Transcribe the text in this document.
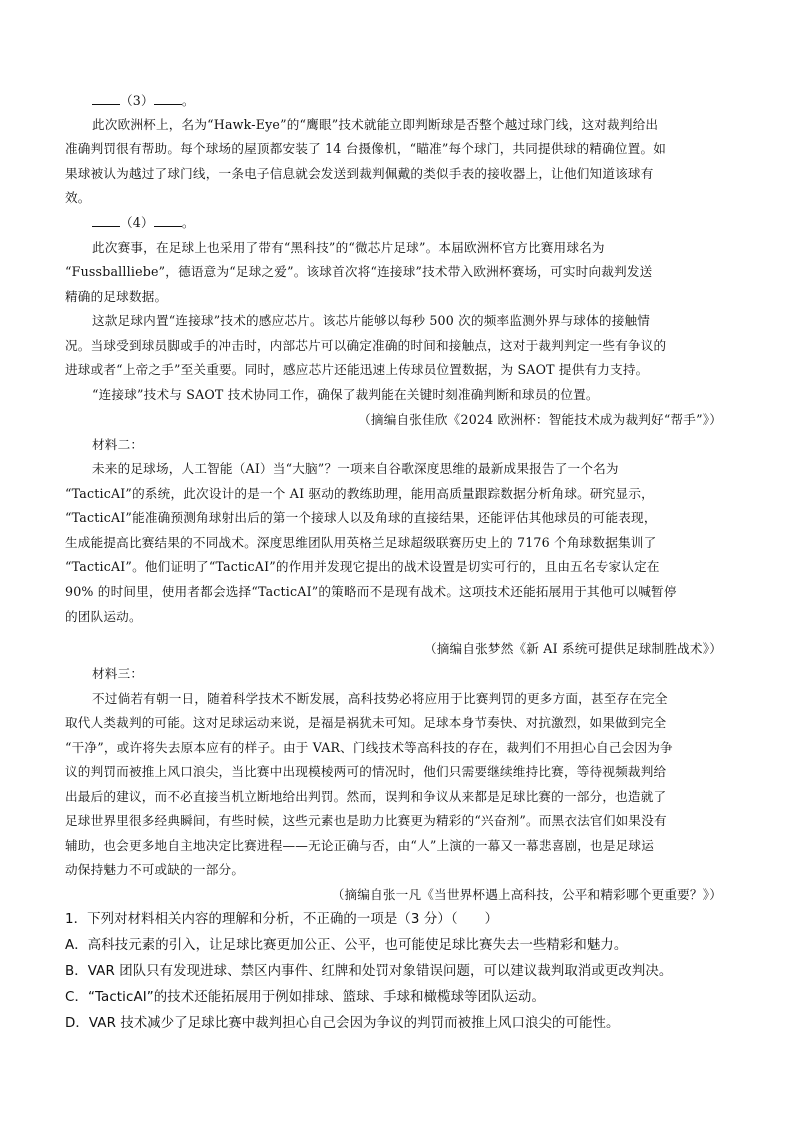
（3） 。
此次欧洲杯上，名为“Hawk-Eye”的“鹰眼”技术就能立即判断球是否整个越过球门线，这对裁判给出
准确判罚很有帮助。每个球场的屋顶都安装了 14 台摄像机，“瞄准”每个球门，共同提供球的精确位置。如
果球被认为越过了球门线，一条电子信息就会发送到裁判佩戴的类似手表的接收器上，让他们知道该球有
效。
（4） 。
此次赛事，在足球上也采用了带有“黑科技”的“微芯片足球”。本届欧洲杯官方比赛用球名为
“Fussballliebe”，德语意为“足球之爱”。该球首次将“连接球”技术带入欧洲杯赛场，可实时向裁判发送
精确的足球数据。
这款足球内置“连接球”技术的感应芯片。该芯片能够以每秒 500 次的频率监测外界与球体的接触情
况。当球受到球员脚或手的冲击时，内部芯片可以确定准确的时间和接触点，这对于裁判判定一些有争议的
进球或者“上帝之手”至关重要。同时，感应芯片还能迅速上传球员位置数据，为 SAOT 提供有力支持。
“连接球”技术与 SAOT 技术协同工作，确保了裁判能在关键时刻准确判断和球员的位置。
（摘编自张佳欣《2024 欧洲杯：智能技术成为裁判好“帮手”》）
材料二：
未来的足球场，人工智能（AI）当“大脑”？一项来自谷歌深度思维的最新成果报告了一个名为
“TacticAI”的系统，此次设计的是一个 AI 驱动的教练助理，能用高质量跟踪数据分析角球。研究显示，
“TacticAI”能准确预测角球射出后的第一个接球人以及角球的直接结果，还能评估其他球员的可能表现，
生成能提高比赛结果的不同战术。深度思维团队用英格兰足球超级联赛历史上的 7176 个角球数据集训了
“TacticAI”。他们证明了“TacticAI”的作用并发现它提出的战术设置是切实可行的，且由五名专家认定在
90% 的时间里，使用者都会选择“TacticAI”的策略而不是现有战术。这项技术还能拓展用于其他可以喊暂停
的团队运动。
（摘编自张梦然《新 AI 系统可提供足球制胜战术》）
材料三：
不过倘若有朝一日，随着科学技术不断发展，高科技势必将应用于比赛判罚的更多方面，甚至存在完全
取代人类裁判的可能。这对足球运动来说，是福是祸犹未可知。足球本身节奏快、对抗激烈，如果做到完全
“干净”，或许将失去原本应有的样子。由于 VAR、门线技术等高科技的存在，裁判们不用担心自己会因为争
议的判罚而被推上风口浪尖，当比赛中出现模棱两可的情况时，他们只需要继续维持比赛，等待视频裁判给
出最后的建议，而不必直接当机立断地给出判罚。然而，误判和争议从来都是足球比赛的一部分，也造就了
足球世界里很多经典瞬间，有些时候，这些元素也是助力比赛更为精彩的“兴奋剂”。而黑衣法官们如果没有
辅助，也会更多地自主地决定比赛进程——无论正确与否，由“人”上演的一幕又一幕悲喜剧，也是足球运
动保持魅力不可或缺的一部分。
（摘编自张一凡《当世界杯遇上高科技，公平和精彩哪个更重要？》）
1．下列对材料相关内容的理解和分析，不正确的一项是（3 分）（　　）
A．高科技元素的引入，让足球比赛更加公正、公平，也可能使足球比赛失去一些精彩和魅力。
B．VAR 团队只有发现进球、禁区内事件、红牌和处罚对象错误问题，可以建议裁判取消或更改判决。
C．“TacticAI”的技术还能拓展用于例如排球、篮球、手球和橄榄球等团队运动。
D．VAR 技术减少了足球比赛中裁判担心自己会因为争议的判罚而被推上风口浪尖的可能性。
